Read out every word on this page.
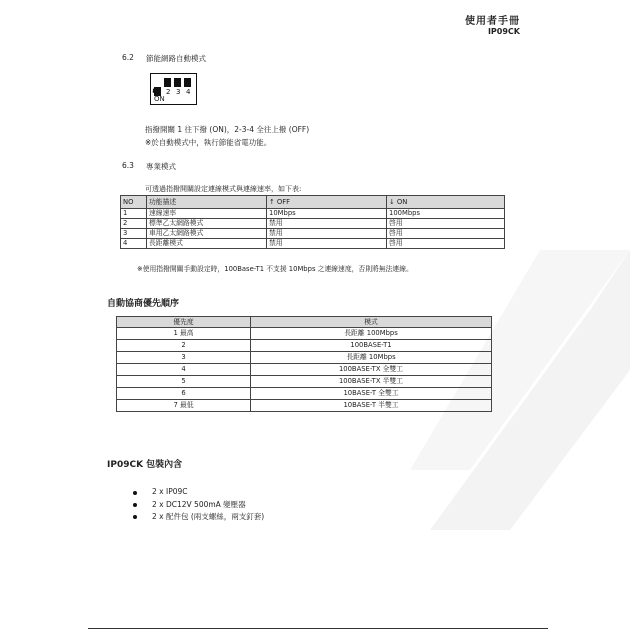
使用者手冊
IP09CK
6.2 節能網路自動模式
⬇ 1 2 3 4
ON
指撥開關 1 往下撥 (ON)，2-3-4 全往上撥 (OFF)
※於自動模式中，執行節能省電功能。
6.3 專業模式
可透過指撥開關設定連線模式與連線速率，如下表:
NO	功能描述	↑ OFF	↓ ON
1	速線速率	10Mbps	100Mbps
2	標準乙太網路模式	禁用	啓用
3	車用乙太網路模式	禁用	啓用
4	長距離模式	禁用	啓用
※使用指撥開關手動設定時，100Base-T1 不支援 10Mbps 之連線速度，否則將無法連線。
自動協商優先順序
優先度	模式
1 最高	長距離 100Mbps
2	100BASE-T1
3	長距離 10Mbps
4	100BASE-TX 全雙工
5	100BASE-TX 半雙工
6	10BASE-T 全雙工
7 最低	10BASE-T 半雙工
IP09CK 包裝內含
2 x IP09C
2 x DC12V 500mA 變壓器
2 x 配件包 (兩支螺絲，兩支釘套)
